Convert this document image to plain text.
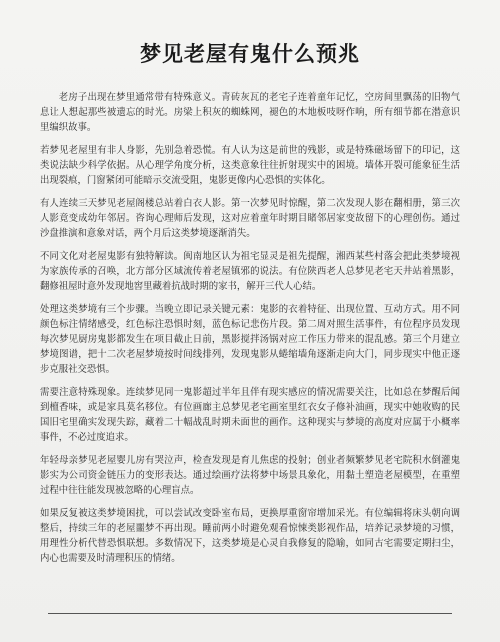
梦见老屋有鬼什么预兆

老房子出现在梦里通常带有特殊意义。青砖灰瓦的老宅子连着童年记忆，空房间里飘荡的旧物气息让人想起那些被遗忘的时光。房梁上积灰的蜘蛛网，褪色的木地板吱呀作响，所有细节都在潜意识里编织故事。

若梦见老屋里有非人身影，先别急着恐慌。有人认为这是前世的残影，或是特殊磁场留下的印记，这类说法缺少科学依据。从心理学角度分析，这类意象往往折射现实中的困境。墙体开裂可能象征生活出现裂痕，门窗紧闭可能暗示交流受阻，鬼影更像内心恐惧的实体化。

有人连续三天梦见老屋阁楼总站着白衣人影。第一次梦见时惊醒，第二次发现人影在翻相册，第三次人影竟变成幼年邻居。咨询心理师后发现，这对应着童年时期目睹邻居家变故留下的心理创伤。通过沙盘推演和意象对话，两个月后这类梦境逐渐消失。

不同文化对老屋鬼影有独特解读。闽南地区认为祖宅显灵是祖先提醒，湘西某些村落会把此类梦境视为家族传承的召唤，北方部分区域流传着老屋镇邪的说法。有位陕西老人总梦见老宅天井站着黑影，翻修祖屋时意外发现地窖里藏着抗战时期的家书，解开三代人心结。

处理这类梦境有三个步骤。当晚立即记录关键元素：鬼影的衣着特征、出现位置、互动方式。用不同颜色标注情绪感受，红色标注恐惧时刻，蓝色标记悲伤片段。第二周对照生活事件，有位程序员发现每次梦见厨房鬼影都发生在项目截止日前，黑影搅拌汤锅对应工作压力带来的混乱感。第三个月建立梦境图谱，把十二次老屋梦境按时间线排列，发现鬼影从蜷缩墙角逐渐走向大门，同步现实中他正逐步克服社交恐惧。

需要注意特殊现象。连续梦见同一鬼影超过半年且伴有现实感应的情况需要关注，比如总在梦醒后闻到檀香味，或是家具莫名移位。有位画廊主总梦见老宅画室里红衣女子修补油画，现实中她收购的民国旧宅里确实发现失踪，藏着二十幅战乱时期未面世的画作。这种现实与梦境的高度对应属于小概率事件，不必过度追求。

年轻母亲梦见老屋婴儿房有哭泣声，检查发现是育儿焦虑的投射；创业者频繁梦见老宅院积水倒灌鬼影实为公司资金链压力的变形表达。通过绘画疗法将梦中场景具象化，用黏土塑造老屋模型，在重塑过程中往往能发现被忽略的心理盲点。

如果反复被这类梦境困扰，可以尝试改变卧室布局，更换厚重窗帘增加采光。有位编辑将床头朝向调整后，持续三年的老屋噩梦不再出现。睡前两小时避免观看惊悚类影视作品，培养记录梦境的习惯，用理性分析代替恐惧联想。多数情况下，这类梦境是心灵自我修复的隐喻，如同古宅需要定期扫尘，内心也需要及时清理积压的情绪。
